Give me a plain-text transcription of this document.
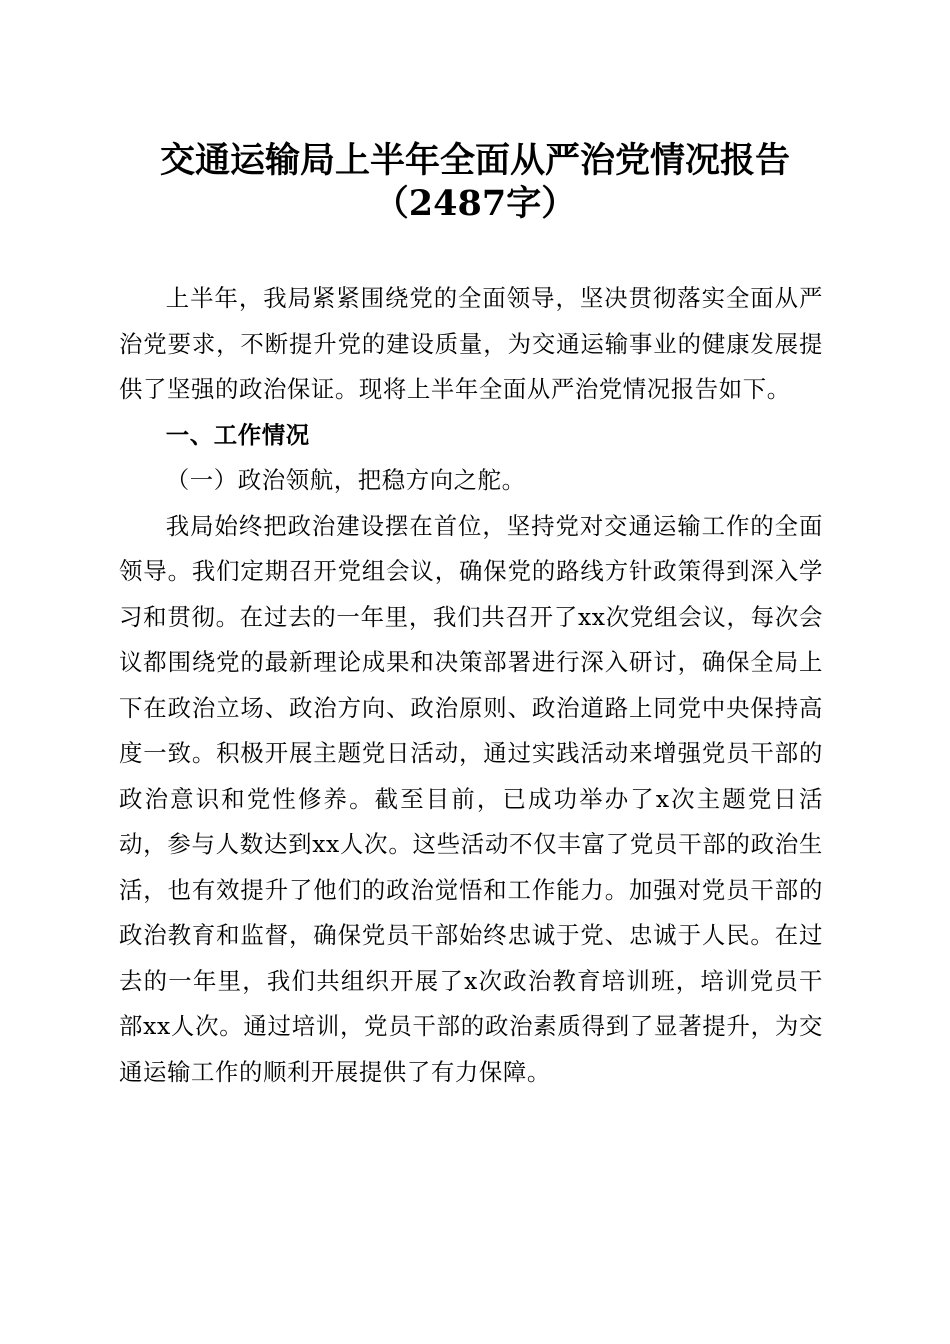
交通运输局上半年全面从严治党情况报告
（2487字）

上半年，我局紧紧围绕党的全面领导，坚决贯彻落实全面从严治党要求，不断提升党的建设质量，为交通运输事业的健康发展提供了坚强的政治保证。现将上半年全面从严治党情况报告如下。

一、工作情况

（一）政治领航，把稳方向之舵。

我局始终把政治建设摆在首位，坚持党对交通运输工作的全面领导。我们定期召开党组会议，确保党的路线方针政策得到深入学习和贯彻。在过去的一年里，我们共召开了xx次党组会议，每次会议都围绕党的最新理论成果和决策部署进行深入研讨，确保全局上下在政治立场、政治方向、政治原则、政治道路上同党中央保持高度一致。积极开展主题党日活动，通过实践活动来增强党员干部的政治意识和党性修养。截至目前，已成功举办了x次主题党日活动，参与人数达到xx人次。这些活动不仅丰富了党员干部的政治生活，也有效提升了他们的政治觉悟和工作能力。加强对党员干部的政治教育和监督，确保党员干部始终忠诚于党、忠诚于人民。在过去的一年里，我们共组织开展了x次政治教育培训班，培训党员干部xx人次。通过培训，党员干部的政治素质得到了显著提升，为交通运输工作的顺利开展提供了有力保障。
